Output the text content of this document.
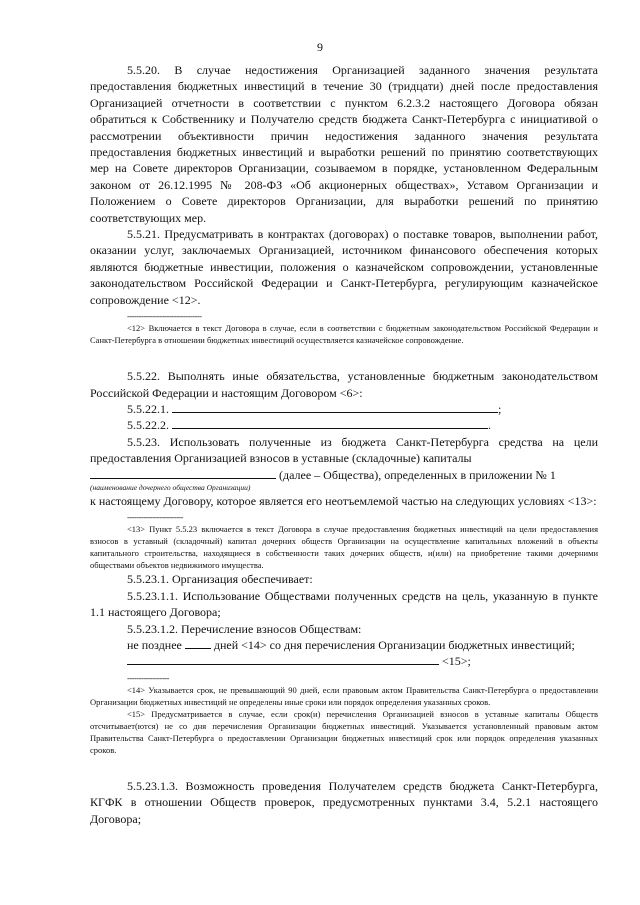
9

5.5.20. В случае недостижения Организацией заданного значения результата предоставления бюджетных инвестиций в течение 30 (тридцати) дней после предоставления Организацией отчетности в соответствии с пунктом 6.2.3.2 настоящего Договора обязан обратиться к Собственнику и Получателю средств бюджета Санкт-Петербурга с инициативой о рассмотрении объективности причин недостижения заданного значения результата предоставления бюджетных инвестиций и выработки решений по принятию соответствующих мер на Совете директоров Организации, созываемом в порядке, установленном Федеральным законом от 26.12.1995 № 208-ФЗ «Об акционерных обществах», Уставом Организации и Положением о Совете директоров Организации, для выработки решений по принятию соответствующих мер.

5.5.21. Предусматривать в контрактах (договорах) о поставке товаров, выполнении работ, оказании услуг, заключаемых Организацией, источником финансового обеспечения которых являются бюджетные инвестиции, положения о казначейском сопровождении, установленные законодательством Российской Федерации и Санкт-Петербурга, регулирующим казначейское сопровождение <12>.

--------------------------------

<12> Включается в текст Договора в случае, если в соответствии с бюджетным законодательством Российской Федерации и Санкт-Петербурга в отношении бюджетных инвестиций осуществляется казначейское сопровождение.

5.5.22. Выполнять иные обязательства, установленные бюджетным законодательством Российской Федерации и настоящим Договором <6>:

5.5.22.1.	;

5.5.22.2.	.

5.5.23. Использовать полученные из бюджета Санкт-Петербурга средства на цели предоставления Организацией взносов в уставные (складочные) капиталы

(далее – Общества), определенных в приложении № 1

(наименование дочернего общества Организации)

к настоящему Договору, которое является его неотъемлемой частью на следующих условиях <13>:

------------------------

<13> Пункт 5.5.23 включается в текст Договора в случае предоставления бюджетных инвестиций на цели предоставления взносов в уставный (складочный) капитал дочерних обществ Организации на осуществление капитальных вложений в объекты капитального строительства, находящиеся в собственности таких дочерних обществ, и(или) на приобретение такими дочерними обществами объектов недвижимого имущества.

5.5.23.1. Организация обеспечивает:

5.5.23.1.1. Использование Обществами полученных средств на цель, указанную в пункте 1.1 настоящего Договора;

5.5.23.1.2. Перечисление взносов Обществам:

не позднее	дней <14> со дня перечисления Организации бюджетных инвестиций;

<15>;

------------------

<14> Указывается срок, не превышающий 90 дней, если правовым актом Правительства Санкт-Петербурга о предоставлении Организации бюджетных инвестиций не определены иные сроки или порядок определения указанных сроков.

<15> Предусматривается в случае, если срок(и) перечисления Организацией взносов в уставные капиталы Обществ отсчитывает(ются) не со дня перечисления Организации бюджетных инвестиций. Указывается установленный правовым актом Правительства Санкт-Петербурга о предоставлении Организации бюджетных инвестиций срок или порядок определения указанных сроков.

5.5.23.1.3. Возможность проведения Получателем средств бюджета Санкт-Петербурга, КГФК в отношении Обществ проверок, предусмотренных пунктами 3.4, 5.2.1 настоящего Договора;
